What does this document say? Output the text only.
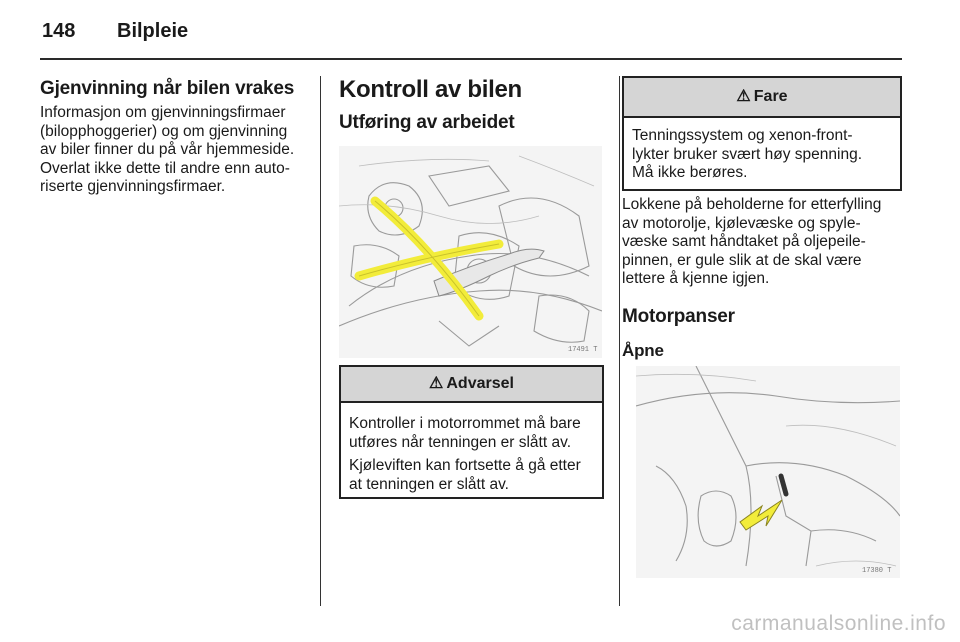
148 Bilpleie
Gjenvinning når bilen vrakes

Informasjon om gjenvinningsfirmaer
(bilopphoggerier) og om gjenvinning
av biler finner du på vår hjemmeside.
Overlat ikke dette til andre enn auto-
riserte gjenvinningsfirmaer.

Kontroll av bilen
Utføring av arbeidet
17491 T
⚠ Advarsel

Kontroller i motorrommet må bare
utføres når tenningen er slått av.

Kjøleviften kan fortsette å gå etter
at tenningen er slått av.

⚠ Fare
Tenningssystem og xenon-front-
lykter bruker svært høy spenning.
Må ikke berøres.

Lokkene på beholderne for etterfylling
av motorolje, kjølevæske og spyle-
væske samt håndtaket på oljepeile-
pinnen, er gule slik at de skal være
lettere å kjenne igjen.

Motorpanser
Åpne
17380 T
carmanualsonline.info
